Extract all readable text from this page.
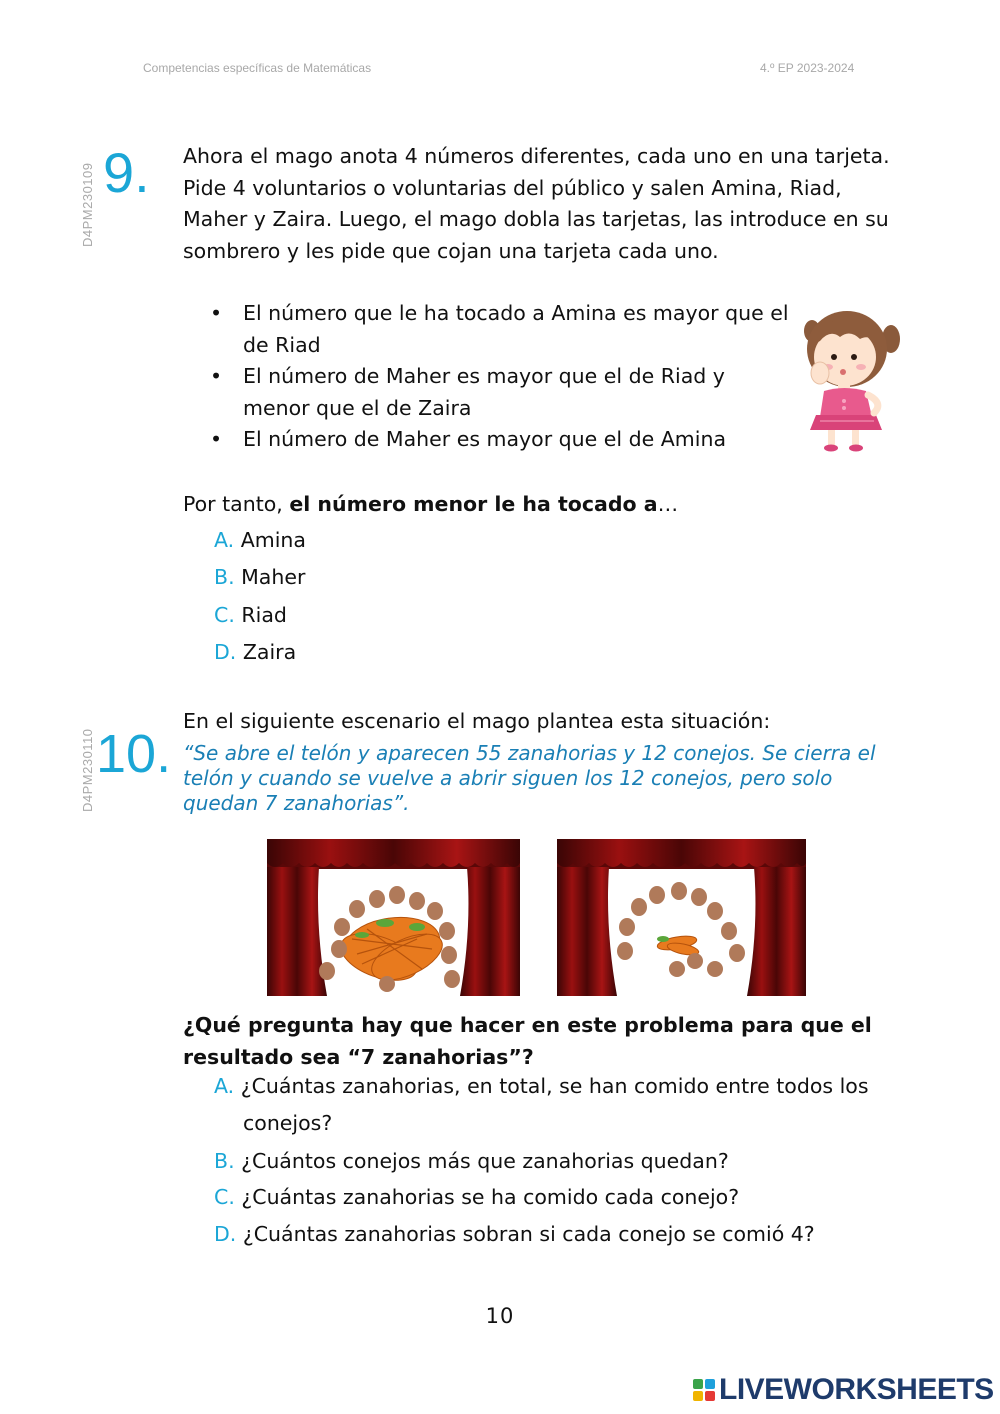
Competencias específicas de Matemáticas	4.º EP 2023-2024
D4PM230109 9. Ahora el mago anota 4 números diferentes, cada uno en una tarjeta. Pide 4 voluntarios o voluntarias del público y salen Amina, Riad, Maher y Zaira. Luego, el mago dobla las tarjetas, las introduce en su sombrero y les pide que cojan una tarjeta cada uno.

• El número que le ha tocado a Amina es mayor que el de Riad
• El número de Maher es mayor que el de Riad y menor que el de Zaira
• El número de Maher es mayor que el de Amina
Por tanto, el número menor le ha tocado a…
A. Amina
B. Maher
C. Riad
D. Zaira
D4PM230110 10.
En el siguiente escenario el mago plantea esta situación:

“Se abre el telón y aparecen 55 zanahorias y 12 conejos. Se cierra el telón y cuando se vuelve a abrir siguen los 12 conejos, pero solo quedan 7 zanahorias”.

¿Qué pregunta hay que hacer en este problema para que el resultado sea “7 zanahorias”?
A. ¿Cuántas zanahorias, en total, se han comido entre todos los
conejos?
B. ¿Cuántos conejos más que zanahorias quedan?
C. ¿Cuántas zanahorias se ha comido cada conejo?
D. ¿Cuántas zanahorias sobran si cada conejo se comió 4?
10
LIVEWORKSHEETS
